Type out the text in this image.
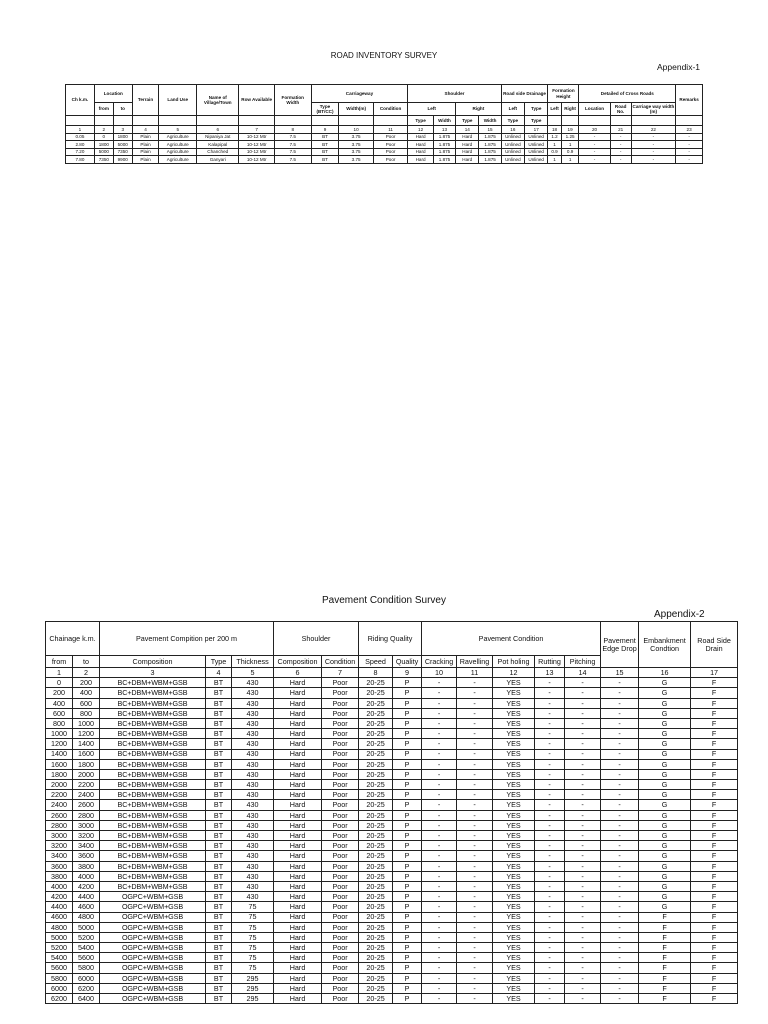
ROAD INVENTORY SURVEY
Appendix-1
Ch k.m.	Location		Terrain	Land Use	Name of Village/Town	Row Available	Formation Width	Carriageway			Shoulder				Road side Drainage		Formation Height		Detailed of Cross Roads			Remarks
	from	to						Type (BT/CC)	Width(m)	Condition	Left		Right		Left	Type	Left	Right	Location	Road No.	Carriage way width (m)	
											Type	Width	Type	Width	Type	Type						
1	2	3	4	5	6	7	8	9	10	11	12	13	14	15	16	17	18	19	20	21	22	23
0.05	0	1800	Plain	Agriculture	Nipaniya Jat	10-12 Mtr	7.5	BT	3.75	Poor	Hard	1.875	Hard	1.875	Unlined	Unlined	1.2	1.25	-	-	-	-
2.80	1800	5000	Plain	Agriculture	Kalapipal	10-12 Mtr	7.5	BT	3.75	Poor	Hard	1.875	Hard	1.875	Unlined	Unlined	1	1	-	-	-	-
7.20	5000	7350	Plain	Agriculture	Chanched	10-12 Mtr	7.5	BT	3.75	Poor	Hard	1.875	Hard	1.875	Unlined	Unlined	0.9	0.9	-	-	-	-
7.80	7350	9900	Plain	Agriculture	Ganyari	10-12 Mtr	7.5	BT	3.75	Poor	Hard	1.875	Hard	1.875	Unlined	Unlined	1	1	-	-	-	-
Pavement Condition Survey
Appendix-2
Chainage k.m.		Pavement Compition per 200 m			Shoulder		Riding Quality		Pavement Condition					Pavement Edge Drop	Embankment Condtion	Road Side Drain
from	to	Composition	Type	Thickness	Composition	Condition	Speed	Quality	Cracking	Ravelling	Pot holing	Rutting	Pitching			
1	2	3	4	5	6	7	8	9	10	11	12	13	14	15	16	17
0	200	BC+DBM+WBM+GSB	BT	430	Hard	Poor	20-25	P	-	-	YES	-	-	-	G	F
200	400	BC+DBM+WBM+GSB	BT	430	Hard	Poor	20-25	P	-	-	YES	-	-	-	G	F
400	600	BC+DBM+WBM+GSB	BT	430	Hard	Poor	20-25	P	-	-	YES	-	-	-	G	F
600	800	BC+DBM+WBM+GSB	BT	430	Hard	Poor	20-25	P	-	-	YES	-	-	-	G	F
800	1000	BC+DBM+WBM+GSB	BT	430	Hard	Poor	20-25	P	-	-	YES	-	-	-	G	F
1000	1200	BC+DBM+WBM+GSB	BT	430	Hard	Poor	20-25	P	-	-	YES	-	-	-	G	F
1200	1400	BC+DBM+WBM+GSB	BT	430	Hard	Poor	20-25	P	-	-	YES	-	-	-	G	F
1400	1600	BC+DBM+WBM+GSB	BT	430	Hard	Poor	20-25	P	-	-	YES	-	-	-	G	F
1600	1800	BC+DBM+WBM+GSB	BT	430	Hard	Poor	20-25	P	-	-	YES	-	-	-	G	F
1800	2000	BC+DBM+WBM+GSB	BT	430	Hard	Poor	20-25	P	-	-	YES	-	-	-	G	F
2000	2200	BC+DBM+WBM+GSB	BT	430	Hard	Poor	20-25	P	-	-	YES	-	-	-	G	F
2200	2400	BC+DBM+WBM+GSB	BT	430	Hard	Poor	20-25	P	-	-	YES	-	-	-	G	F
2400	2600	BC+DBM+WBM+GSB	BT	430	Hard	Poor	20-25	P	-	-	YES	-	-	-	G	F
2600	2800	BC+DBM+WBM+GSB	BT	430	Hard	Poor	20-25	P	-	-	YES	-	-	-	G	F
2800	3000	BC+DBM+WBM+GSB	BT	430	Hard	Poor	20-25	P	-	-	YES	-	-	-	G	F
3000	3200	BC+DBM+WBM+GSB	BT	430	Hard	Poor	20-25	P	-	-	YES	-	-	-	G	F
3200	3400	BC+DBM+WBM+GSB	BT	430	Hard	Poor	20-25	P	-	-	YES	-	-	-	G	F
3400	3600	BC+DBM+WBM+GSB	BT	430	Hard	Poor	20-25	P	-	-	YES	-	-	-	G	F
3600	3800	BC+DBM+WBM+GSB	BT	430	Hard	Poor	20-25	P	-	-	YES	-	-	-	G	F
3800	4000	BC+DBM+WBM+GSB	BT	430	Hard	Poor	20-25	P	-	-	YES	-	-	-	G	F
4000	4200	BC+DBM+WBM+GSB	BT	430	Hard	Poor	20-25	P	-	-	YES	-	-	-	G	F
4200	4400	OGPC+WBM+GSB	BT	430	Hard	Poor	20-25	P	-	-	YES	-	-	-	G	F
4400	4600	OGPC+WBM+GSB	BT	75	Hard	Poor	20-25	P	-	-	YES	-	-	-	G	F
4600	4800	OGPC+WBM+GSB	BT	75	Hard	Poor	20-25	P	-	-	YES	-	-	-	F	F
4800	5000	OGPC+WBM+GSB	BT	75	Hard	Poor	20-25	P	-	-	YES	-	-	-	F	F
5000	5200	OGPC+WBM+GSB	BT	75	Hard	Poor	20-25	P	-	-	YES	-	-	-	F	F
5200	5400	OGPC+WBM+GSB	BT	75	Hard	Poor	20-25	P	-	-	YES	-	-	-	F	F
5400	5600	OGPC+WBM+GSB	BT	75	Hard	Poor	20-25	P	-	-	YES	-	-	-	F	F
5600	5800	OGPC+WBM+GSB	BT	75	Hard	Poor	20-25	P	-	-	YES	-	-	-	F	F
5800	6000	OGPC+WBM+GSB	BT	295	Hard	Poor	20-25	P	-	-	YES	-	-	-	F	F
6000	6200	OGPC+WBM+GSB	BT	295	Hard	Poor	20-25	P	-	-	YES	-	-	-	F	F
6200	6400	OGPC+WBM+GSB	BT	295	Hard	Poor	20-25	P	-	-	YES	-	-	-	F	F
